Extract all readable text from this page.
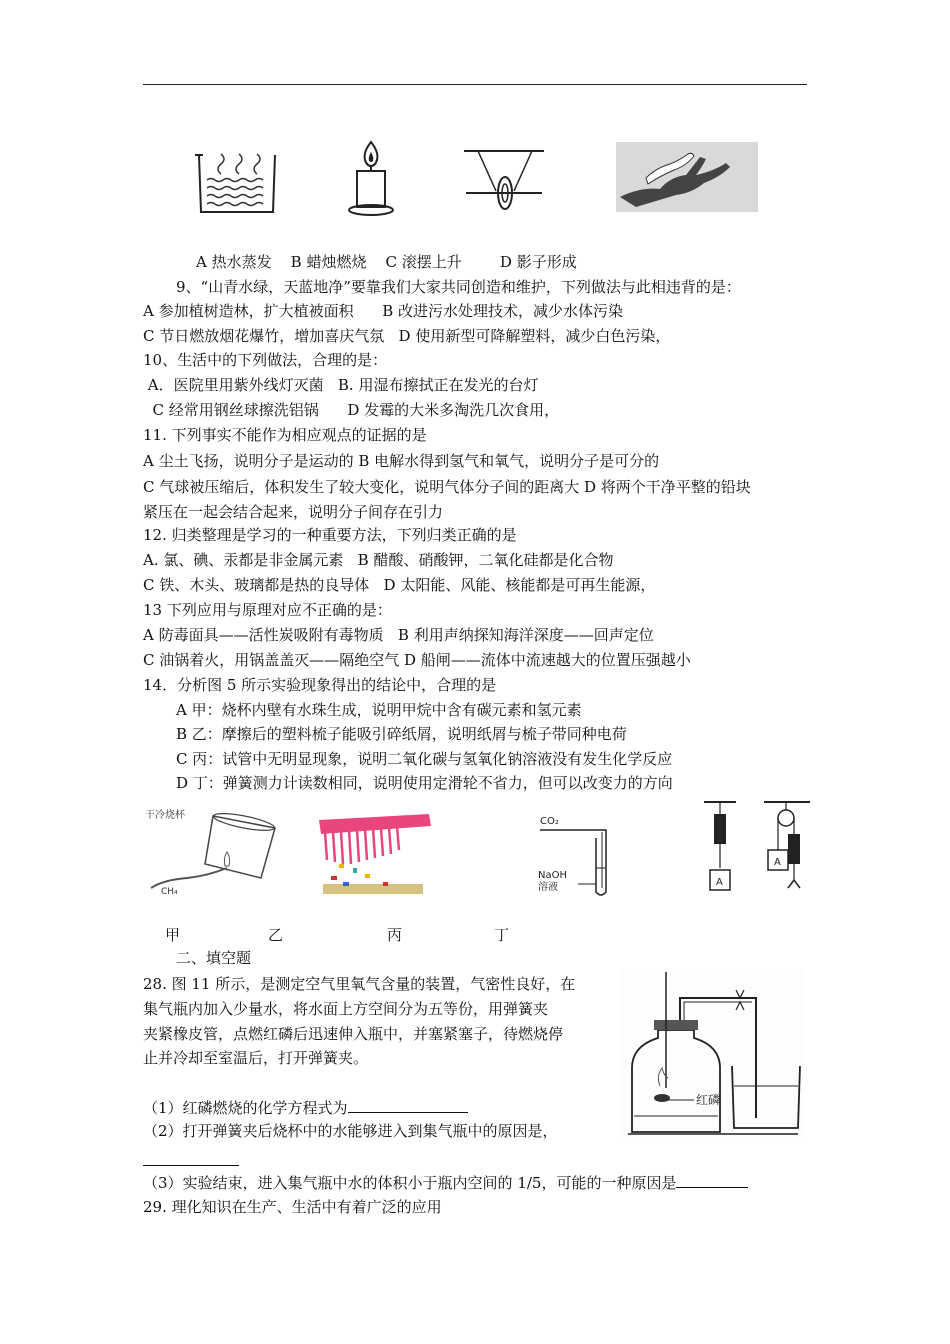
A 热水蒸发    B 蜡烛燃烧    C 滚摆上升        D 影子形成
9、“山青水绿，天蓝地净”要靠我们大家共同创造和维护，下列做法与此相违背的是：
A 参加植树造林，扩大植被面积      B 改进污水处理技术，减少水体污染
C 节日燃放烟花爆竹，增加喜庆气氛   D 使用新型可降解塑料，减少白色污染，
10、生活中的下列做法，合理的是：
A．医院里用紫外线灯灭菌   B. 用湿布擦拭正在发光的台灯
C 经常用钢丝球擦洗铝锅      D 发霉的大米多淘洗几次食用，
11. 下列事实不能作为相应观点的证据的是
A 尘土飞扬，说明分子是运动的 B 电解水得到氢气和氧气，说明分子是可分的
C 气球被压缩后，体积发生了较大变化，说明气体分子间的距离大 D 将两个干净平整的铅块
紧压在一起会结合起来，说明分子间存在引力
12. 归类整理是学习的一种重要方法，下列归类正确的是
A. 氯、碘、汞都是非金属元素   B 醋酸、硝酸钾，二氧化硅都是化合物
C 铁、木头、玻璃都是热的良导体   D 太阳能、风能、核能都是可再生能源，
13 下列应用与原理对应不正确的是：
A 防毒面具——活性炭吸附有毒物质   B 利用声纳探知海洋深度——回声定位
C 油锅着火，用锅盖盖灭——隔绝空气 D 船闸——流体中流速越大的位置压强越小
14．分析图 5 所示实验现象得出的结论中，合理的是
A 甲：烧杯内壁有水珠生成，说明甲烷中含有碳元素和氢元素
B 乙：摩擦后的塑料梳子能吸引碎纸屑，说明纸屑与梳子带同种电荷
C 丙：试管中无明显现象，说明二氧化碳与氢氧化钠溶液没有发生化学反应
D 丁：弹簧测力计读数相同，说明使用定滑轮不省力，但可以改变力的方向
干冷烧杯
CH₄
CO₂
NaOH
溶液	A
A
甲	乙	丙	丁
二、填空题
28. 图 11 所示，是测定空气里氧气含量的装置，气密性良好，在
集气瓶内加入少量水，将水面上方空间分为五等份，用弹簧夹
夹紧橡皮管，点燃红磷后迅速伸入瓶中，并塞紧塞子，待燃烧停
止并冷却至室温后，打开弹簧夹。
红磷
（1）红磷燃烧的化学方程式为
（2）打开弹簧夹后烧杯中的水能够进入到集气瓶中的原因是，
（3）实验结束，进入集气瓶中水的体积小于瓶内空间的 1/5，可能的一种原因是
29. 理化知识在生产、生活中有着广泛的应用
